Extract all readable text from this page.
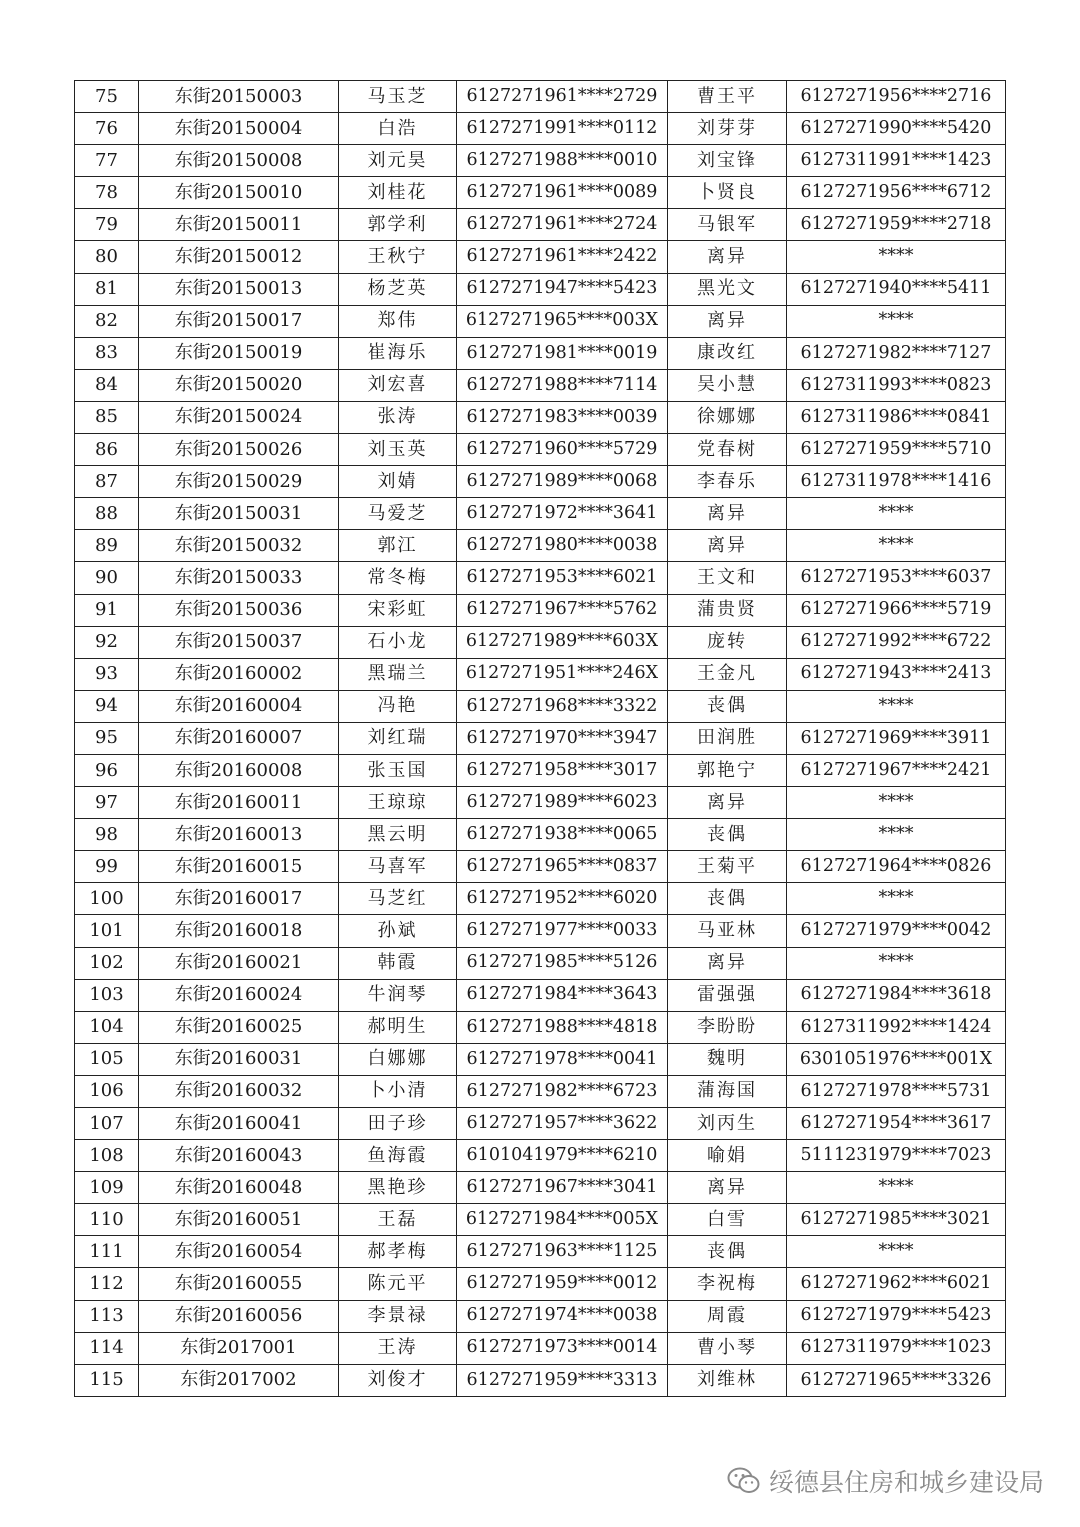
75	东街20150003	马玉芝	6127271961****2729	曹王平	6127271956****2716
76	东街20150004	白浩	6127271991****0112	刘芽芽	6127271990****5420
77	东街20150008	刘元昊	6127271988****0010	刘宝锋	6127311991****1423
78	东街20150010	刘桂花	6127271961****0089	卜贤良	6127271956****6712
79	东街20150011	郭学利	6127271961****2724	马银军	6127271959****2718
80	东街20150012	王秋宁	6127271961****2422	离异	****
81	东街20150013	杨芝英	6127271947****5423	黑光文	6127271940****5411
82	东街20150017	郑伟	6127271965****003X	离异	****
83	东街20150019	崔海乐	6127271981****0019	康改红	6127271982****7127
84	东街20150020	刘宏喜	6127271988****7114	吴小慧	6127311993****0823
85	东街20150024	张涛	6127271983****0039	徐娜娜	6127311986****0841
86	东街20150026	刘玉英	6127271960****5729	党春树	6127271959****5710
87	东街20150029	刘婧	6127271989****0068	李春乐	6127311978****1416
88	东街20150031	马爱芝	6127271972****3641	离异	****
89	东街20150032	郭江	6127271980****0038	离异	****
90	东街20150033	常冬梅	6127271953****6021	王文和	6127271953****6037
91	东街20150036	宋彩虹	6127271967****5762	蒲贵贤	6127271966****5719
92	东街20150037	石小龙	6127271989****603X	庞转	6127271992****6722
93	东街20160002	黑瑞兰	6127271951****246X	王金凡	6127271943****2413
94	东街20160004	冯艳	6127271968****3322	丧偶	****
95	东街20160007	刘红瑞	6127271970****3947	田润胜	6127271969****3911
96	东街20160008	张玉国	6127271958****3017	郭艳宁	6127271967****2421
97	东街20160011	王琼琼	6127271989****6023	离异	****
98	东街20160013	黑云明	6127271938****0065	丧偶	****
99	东街20160015	马喜军	6127271965****0837	王菊平	6127271964****0826
100	东街20160017	马芝红	6127271952****6020	丧偶	****
101	东街20160018	孙斌	6127271977****0033	马亚林	6127271979****0042
102	东街20160021	韩霞	6127271985****5126	离异	****
103	东街20160024	牛润琴	6127271984****3643	雷强强	6127271984****3618
104	东街20160025	郝明生	6127271988****4818	李盼盼	6127311992****1424
105	东街20160031	白娜娜	6127271978****0041	魏明	6301051976****001X
106	东街20160032	卜小清	6127271982****6723	蒲海国	6127271978****5731
107	东街20160041	田子珍	6127271957****3622	刘丙生	6127271954****3617
108	东街20160043	鱼海霞	6101041979****6210	喻娟	5111231979****7023
109	东街20160048	黑艳珍	6127271967****3041	离异	****
110	东街20160051	王磊	6127271984****005X	白雪	6127271985****3021
111	东街20160054	郝孝梅	6127271963****1125	丧偶	****
112	东街20160055	陈元平	6127271959****0012	李祝梅	6127271962****6021
113	东街20160056	李景禄	6127271974****0038	周霞	6127271979****5423
114	东街2017001	王涛	6127271973****0014	曹小琴	6127311979****1023
115	东街2017002	刘俊才	6127271959****3313	刘维林	6127271965****3326
绥德县住房和城乡建设局
